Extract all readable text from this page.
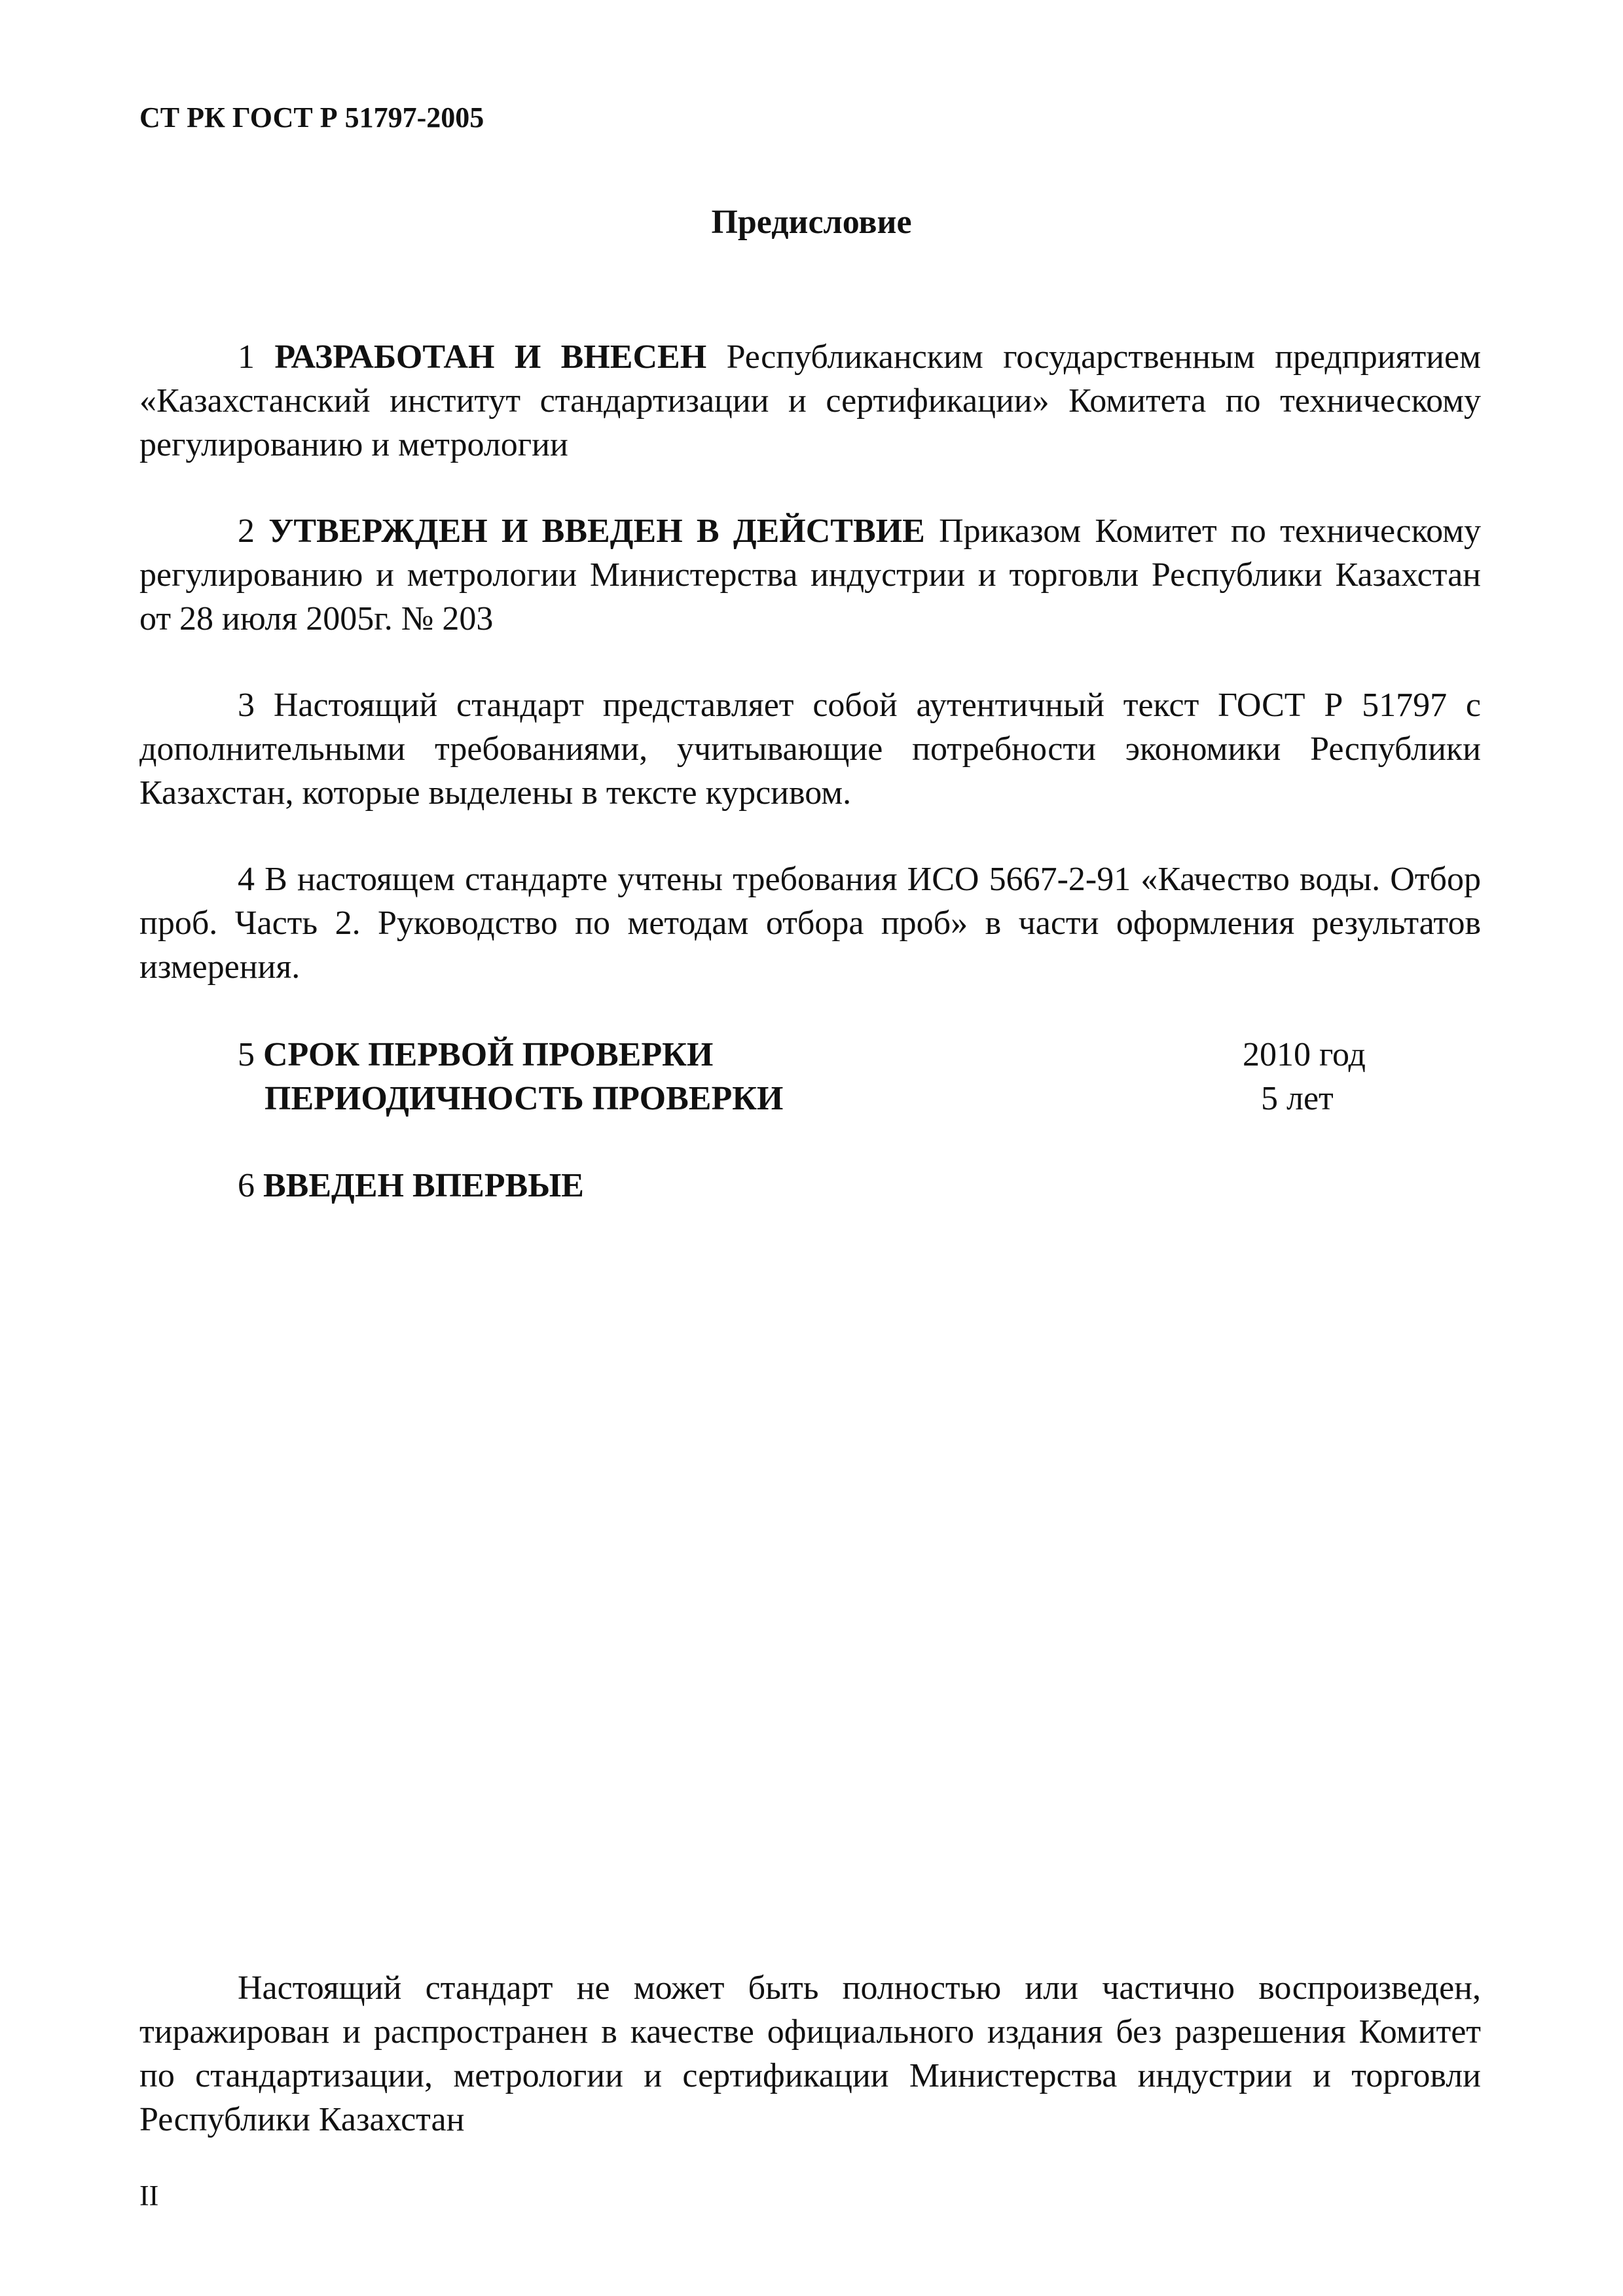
СТ РК ГОСТ Р 51797-2005
Предисловие

1 РАЗРАБОТАН И ВНЕСЕН Республиканским государственным предприятием «Казахстанский институт стандартизации и сертификации» Комитета по техническому регулированию и метрологии

2 УТВЕРЖДЕН И ВВЕДЕН В ДЕЙСТВИЕ Приказом Комитет по техническому регулированию и метрологии Министерства индустрии и торговли Республики Казахстан от 28 июля 2005г. № 203

3 Настоящий стандарт представляет собой аутентичный текст ГОСТ Р 51797 с дополнительными требованиями, учитывающие потребности экономики Республики Казахстан, которые выделены в тексте курсивом.

4 В настоящем стандарте учтены требования ИСО 5667-2-91 «Качество воды. Отбор проб. Часть 2. Руководство по методам отбора проб» в части оформления результатов измерения.

5 СРОК ПЕРВОЙ ПРОВЕРКИ	2010 год
ПЕРИОДИЧНОСТЬ ПРОВЕРКИ	5 лет
6 ВВЕДЕН ВПЕРВЫЕ

Настоящий стандарт не может быть полностью или частично воспроизведен, тиражирован и распространен в качестве официального издания без разрешения Комитет по стандартизации, метрологии и сертификации Министерства индустрии и торговли Республики Казахстан

II
